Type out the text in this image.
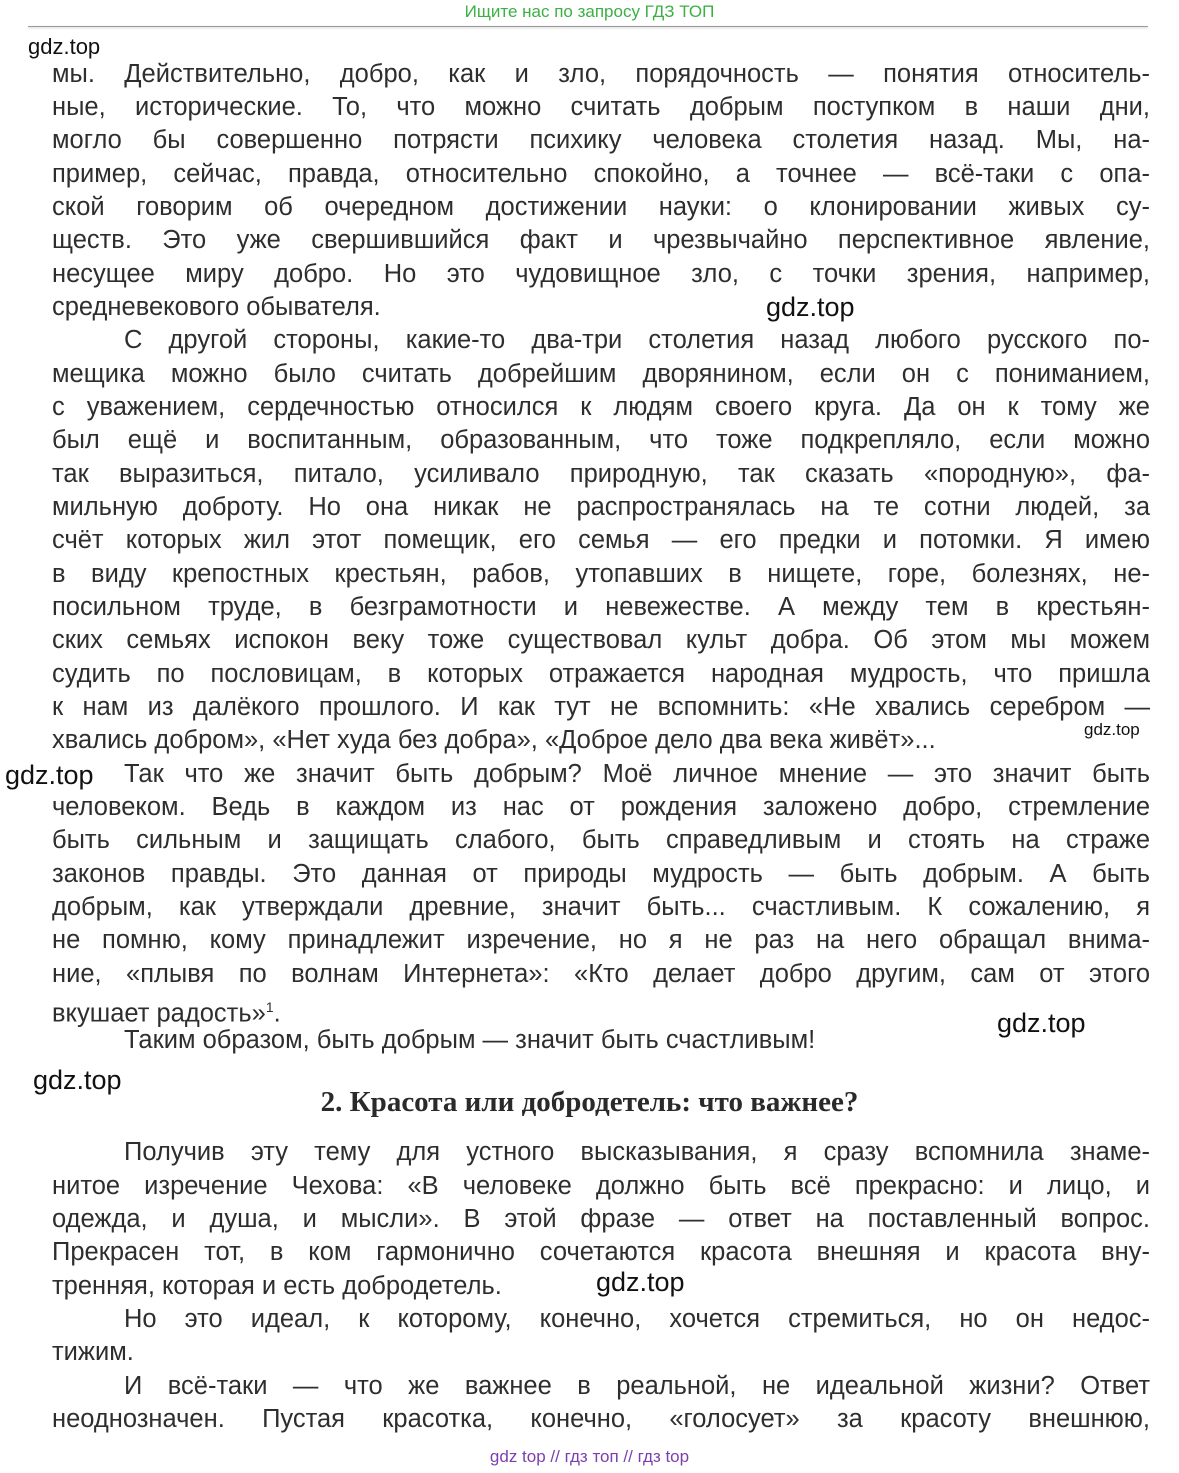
Ищите нас по запросу ГДЗ ТОП
gdz.top
gdz.top
gdz.top
gdz.top
gdz.top
gdz.top
gdz.top
мы. Действительно, добро, как и зло, порядочность — понятия относитель-
ные, исторические. То, что можно считать добрым поступком в наши дни,
могло бы совершенно потрясти психику человека столетия назад. Мы, на-
пример, сейчас, правда, относительно спокойно, а точнее — всё-таки с опа-
ской говорим об очередном достижении науки: о клонировании живых су-
ществ. Это уже свершившийся факт и чрезвычайно перспективное явление,
несущее миру добро. Но это чудовищное зло, с точки зрения, например,
средневекового обывателя.
С другой стороны, какие-то два-три столетия назад любого русского по-
мещика можно было считать добрейшим дворянином, если он с пониманием,
с уважением, сердечностью относился к людям своего круга. Да он к тому же
был ещё и воспитанным, образованным, что тоже подкрепляло, если можно
так выразиться, питало, усиливало природную, так сказать «породную», фа-
мильную доброту. Но она никак не распространялась на те сотни людей, за
счёт которых жил этот помещик, его семья — его предки и потомки. Я имею
в виду крепостных крестьян, рабов, утопавших в нищете, горе, болезнях, не-
посильном труде, в безграмотности и невежестве. А между тем в крестьян-
ских семьях испокон веку тоже существовал культ добра. Об этом мы можем
судить по пословицам, в которых отражается народная мудрость, что пришла
к нам из далёкого прошлого. И как тут не вспомнить: «Не хвались серебром —
хвались добром», «Нет худа без добра», «Доброе дело два века живёт»...
Так что же значит быть добрым? Моё личное мнение — это значит быть
человеком. Ведь в каждом из нас от рождения заложено добро, стремление
быть сильным и защищать слабого, быть справедливым и стоять на страже
законов правды. Это данная от природы мудрость — быть добрым. А быть
добрым, как утверждали древние, значит быть... счастливым. К сожалению, я
не помню, кому принадлежит изречение, но я не раз на него обращал внима-
ние, «плывя по волнам Интернета»: «Кто делает добро другим, сам от этого
вкушает радость»$^1$.
Таким образом, быть добрым — значит быть счастливым!
2. Красота или добродетель: что важнее?
Получив эту тему для устного высказывания, я сразу вспомнила знаме-
нитое изречение Чехова: «В человеке должно быть всё прекрасно: и лицо, и
одежда, и душа, и мысли». В этой фразе — ответ на поставленный вопрос.
Прекрасен тот, в ком гармонично сочетаются красота внешняя и красота вну-
тренняя, которая и есть добродетель.
Но это идеал, к которому, конечно, хочется стремиться, но он недос-
тижим.
И всё-таки — что же важнее в реальной, не идеальной жизни? Ответ
неоднозначен. Пустая красотка, конечно, «голосует» за красоту внешнюю,
gdz top // гдз топ // гдз top
